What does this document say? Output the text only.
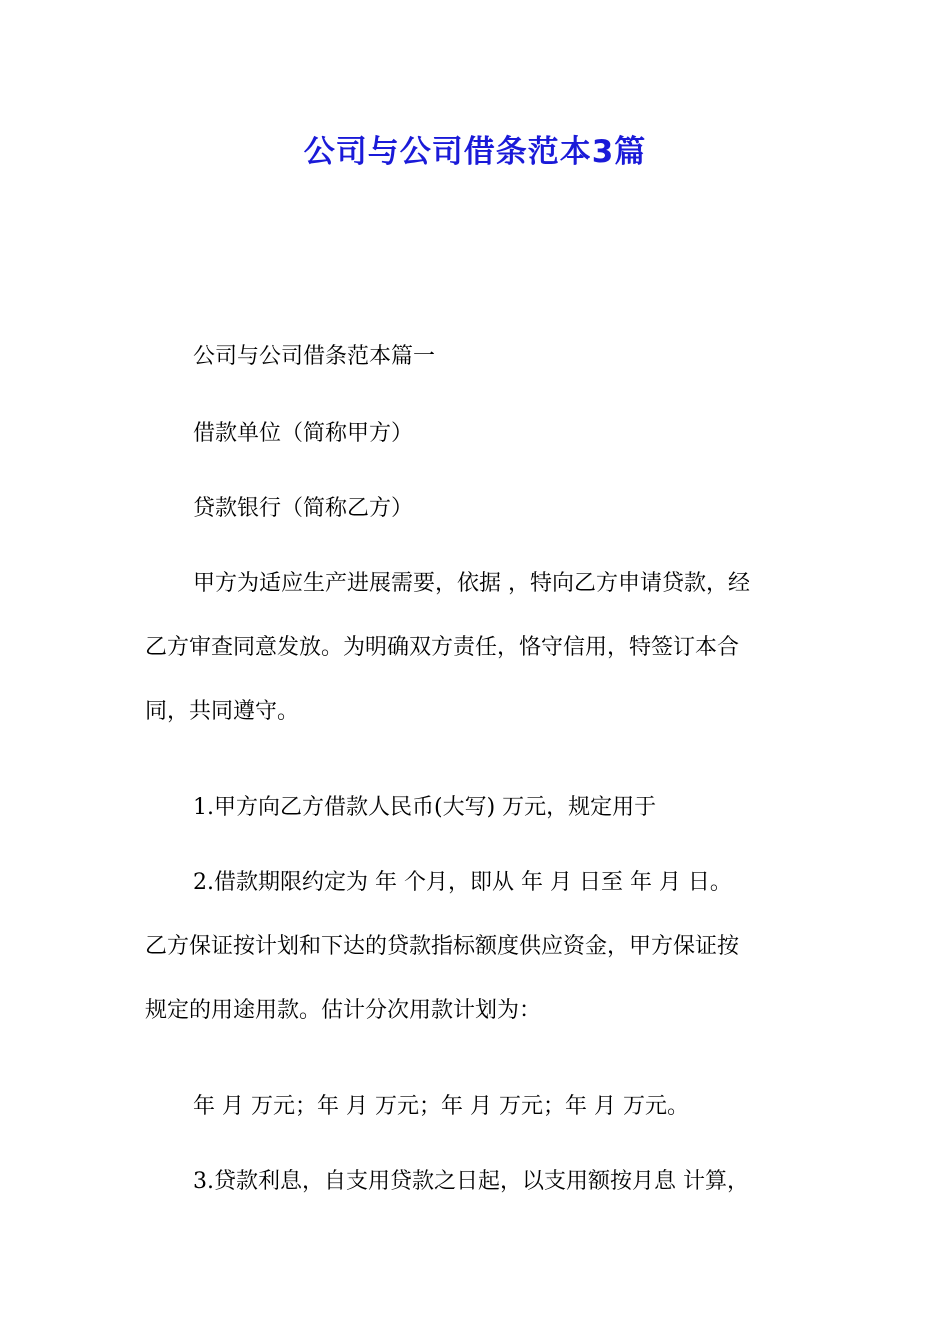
公司与公司借条范本3篇

公司与公司借条范本篇一

借款单位（简称甲方）

贷款银行（简称乙方）

甲方为适应生产进展需要，依据 ，特向乙方申请贷款，经
乙方审查同意发放。为明确双方责任，恪守信用，特签订本合
同，共同遵守。

1.甲方向乙方借款人民币(大写) 万元，规定用于

2.借款期限约定为 年 个月，即从 年 月 日至 年 月 日。
乙方保证按计划和下达的贷款指标额度供应资金，甲方保证按
规定的用途用款。估计分次用款计划为：

年 月 万元；年 月 万元；年 月 万元；年 月 万元。

3.贷款利息，自支用贷款之日起，以支用额按月息 计算，
